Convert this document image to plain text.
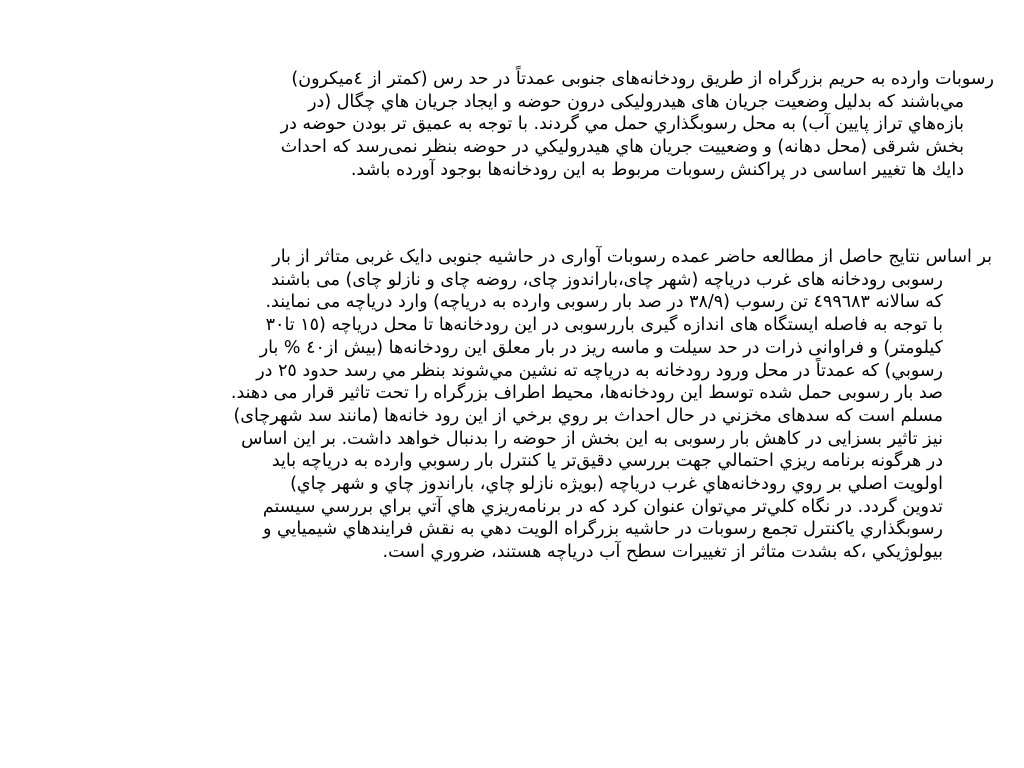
رسوبات وارده به حريم بزرگراه از طريق رودخانه‌های جنوبی عمدتاً در حد رس (كمتر از ٤ميكرون)
مي‌باشند كه بدليل وضعيت جريان های هيدروليكی درون حوضه و ايجاد جريان هاي چگال (در
بازه‌هاي تراز پايين آب) به محل رسوبگذاري حمل مي گردند. با توجه به عميق تر بودن حوضه در
بخش شرقی (محل دهانه) و وضعييت جريان هاي هيدروليكي در حوضه بنظر نمی‌رسد كه احداث
دايك ها تغيير اساسی در پراكنش رسوبات مربوط به اين رودخانه‌ها بوجود آورده باشد.
بر اساس نتايج حاصل از مطالعه حاضر عمده رسوبات آواری در حاشيه جنوبی دايک غربی متاثر از بار
رسوبی رودخانه های غرب درياچه (شهر چای،باراندوز چای، روضه چای و نازلو چای) می باشند
كه سالانه ٤٩٩٦٨٣ تن رسوب (٣٨/٩ در صد بار رسوبی وارده به درياچه) وارد درياچه می نمايند.
با توجه به فاصله ايستگاه های اندازه گيری باررسوبی در اين رودخانه‌ها تا محل درياچه (١٥ تا٣٠
كيلومتر) و فراوانی ذرات در حد سيلت و ماسه ريز در بار معلق اين رودخانه‌ها (بيش از٤٠ % بار
رسوبي) كه عمدتاً در محل ورود رودخانه به درياچه ته نشين مي‌شوند بنظر مي رسد حدود ٢٥ در
صد بار رسوبی حمل شده توسط اين رودخانه‌ها، محيط اطراف بزرگراه را تحت تاثير قرار می دهند.
مسلم است كه سدهای مخزني در حال احداث بر روي برخي از اين رود خانه‌ها (مانند سد شهرچای)
نيز تاثير بسزايی در كاهش بار رسوبی به اين بخش از حوضه را بدنبال خواهد داشت. بر اين اساس
در هرگونه برنامه ريزي احتمالي جهت بررسي دقيق‌تر يا كنترل بار رسوبي وارده به درياچه بايد
اولويت اصلي بر روي رودخانه‌هاي غرب درياچه (بويژه نازلو چاي، باراندوز چاي و شهر چاي)
تدوين گردد. در نگاه كلي‌تر مي‌توان عنوان كرد كه در برنامه‌ريزي هاي آتي براي بررسي سيستم
رسوبگذاري ياكنترل تجمع رسوبات در حاشيه بزرگراه الويت دهي به نقش فرايندهاي شيميايي و
بيولوژيكي ،كه بشدت متاثر از تغييرات سطح آب درياچه هستند، ضروري است.
